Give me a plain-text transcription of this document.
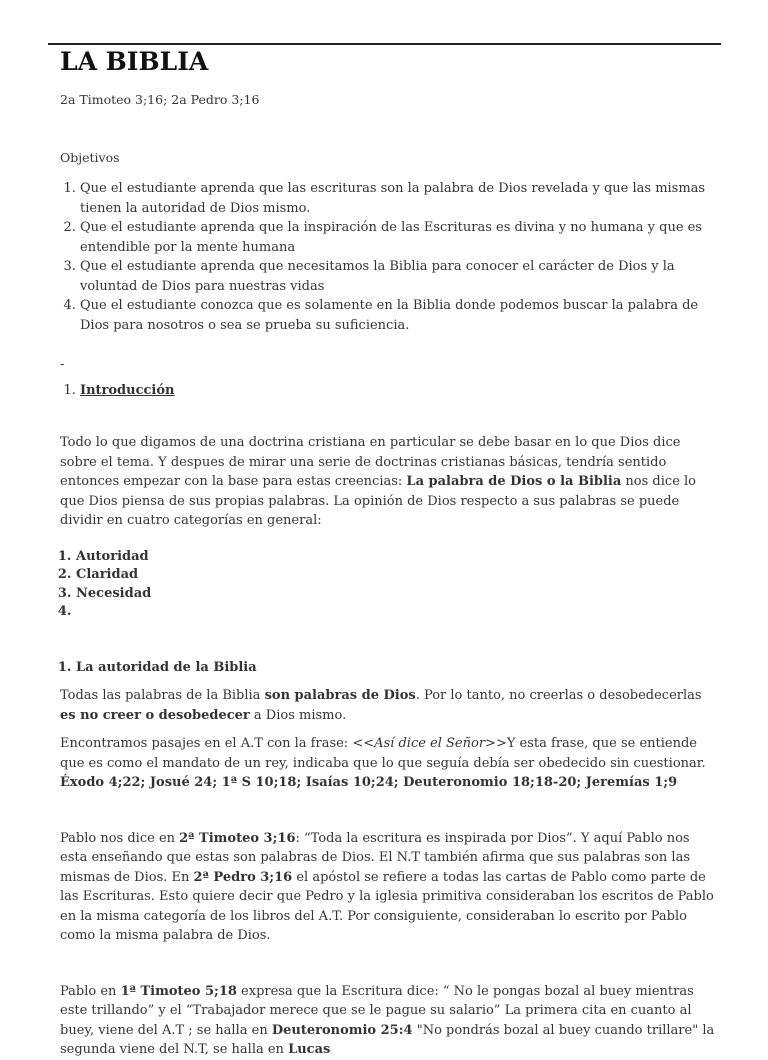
LA BIBLIA
2a Timoteo 3;16; 2a Pedro 3;16
Objetivos
1. Que el estudiante aprenda que las escrituras son la palabra de Dios revelada y que las mismas tienen la autoridad de Dios mismo.
2. Que el estudiante aprenda que la inspiración de las Escrituras es divina y no humana y que es entendible por la mente humana
3. Que el estudiante aprenda que necesitamos la Biblia para conocer el carácter de Dios y la voluntad de Dios para nuestras vidas
4. Que el estudiante conozca que es solamente en la Biblia donde podemos buscar la palabra de Dios para nosotros o sea se prueba su suficiencia.
-
1. Introducción

Todo lo que digamos de una doctrina cristiana en particular se debe basar en lo que Dios dice sobre el tema. Y despues de mirar una serie de doctrinas cristianas básicas, tendría sentido entonces empezar con la base para estas creencias: La palabra de Dios o la Biblia nos dice lo que Dios piensa de sus propias palabras. La opinión de Dios respecto a sus palabras se puede dividir en cuatro categorías en general:

1. Autoridad
2. Claridad
3. Necesidad
4.
1. La autoridad de la Biblia

Todas las palabras de la Biblia son palabras de Dios. Por lo tanto, no creerlas o desobedecerlas es no creer o desobedecer a Dios mismo.

Encontramos pasajes en el A.T con la frase: <<Así dice el Señor>>Y esta frase, que se entiende que es como el mandato de un rey, indicaba que lo que seguía debía ser obedecido sin cuestionar. Éxodo 4;22; Josué 24; 1ª S 10;18; Isaías 10;24; Deuteronomio 18;18-20; Jeremías 1;9

Pablo nos dice en 2ª Timoteo 3;16: “Toda la escritura es inspirada por Dios”. Y aquí Pablo nos esta enseñando que estas son palabras de Dios. El N.T también afirma que sus palabras son las mismas de Dios. En 2ª Pedro 3;16 el apóstol se refiere a todas las cartas de Pablo como parte de las Escrituras. Esto quiere decir que Pedro y la iglesia primitiva consideraban los escritos de Pablo en la misma categoría de los libros del A.T. Por consiguiente, consideraban lo escrito por Pablo como la misma palabra de Dios.

Pablo en 1ª Timoteo 5;18 expresa que la Escritura dice: “ No le pongas bozal al buey mientras este trillando” y el “Trabajador merece que se le pague su salario” La primera cita en cuanto al buey, viene del A.T ; se halla en Deuteronomio 25:4 "No pondrás bozal al buey cuando trillare" la segunda viene del N.T, se halla en Lucas
